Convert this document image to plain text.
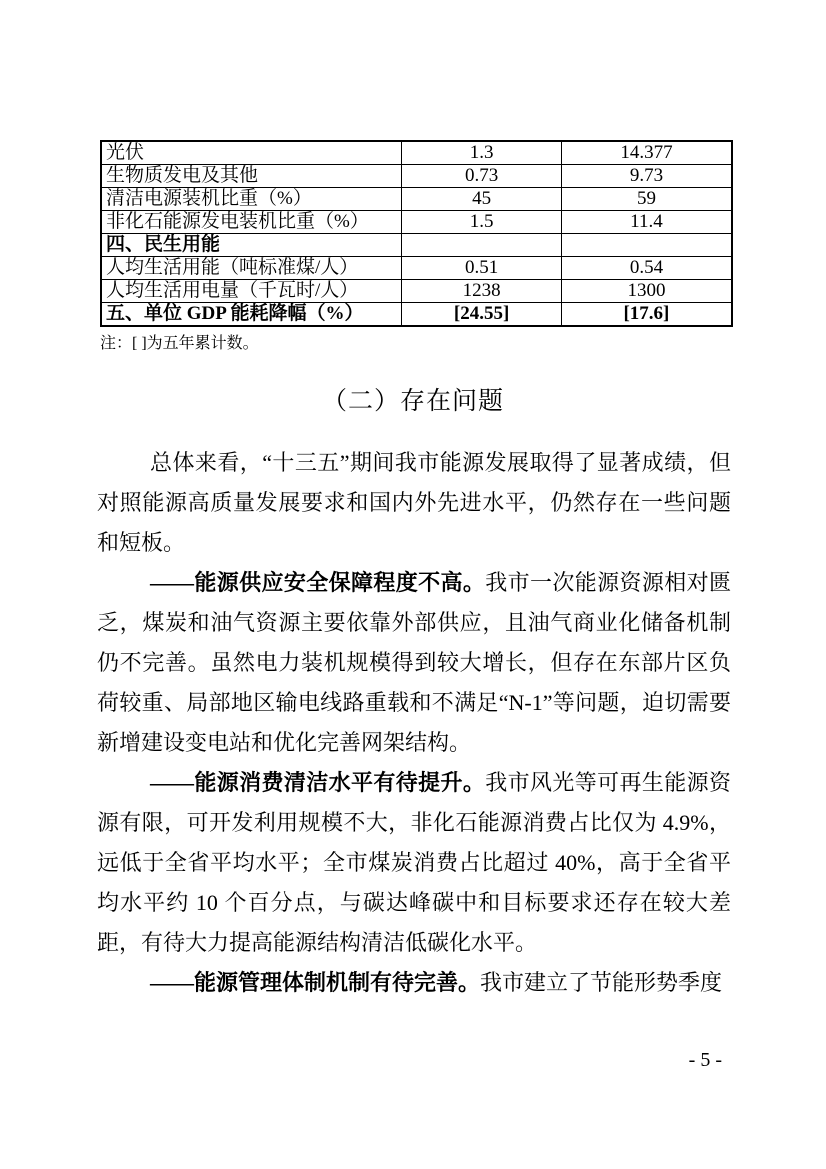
光伏	1.3	14.377
生物质发电及其他	0.73	9.73
清洁电源装机比重（%）	45	59
非化石能源发电装机比重（%）	1.5	11.4
四、民生用能		
人均生活用能（吨标准煤/人）	0.51	0.54
人均生活用电量（千瓦时/人）	1238	1300
五、单位 GDP 能耗降幅（%）	[24.55]	[17.6]

注：[ ]为五年累计数。

（二）存在问题

总体来看，“十三五”期间我市能源发展取得了显著成绩，但对照能源高质量发展要求和国内外先进水平，仍然存在一些问题和短板。

——能源供应安全保障程度不高。我市一次能源资源相对匮乏，煤炭和油气资源主要依靠外部供应，且油气商业化储备机制仍不完善。虽然电力装机规模得到较大增长，但存在东部片区负荷较重、局部地区输电线路重载和不满足“N-1”等问题，迫切需要新增建设变电站和优化完善网架结构。

——能源消费清洁水平有待提升。我市风光等可再生能源资源有限，可开发利用规模不大，非化石能源消费占比仅为 4.9%，远低于全省平均水平；全市煤炭消费占比超过 40%，高于全省平均水平约 10 个百分点，与碳达峰碳中和目标要求还存在较大差距，有待大力提高能源结构清洁低碳化水平。

——能源管理体制机制有待完善。我市建立了节能形势季度

- 5 -
